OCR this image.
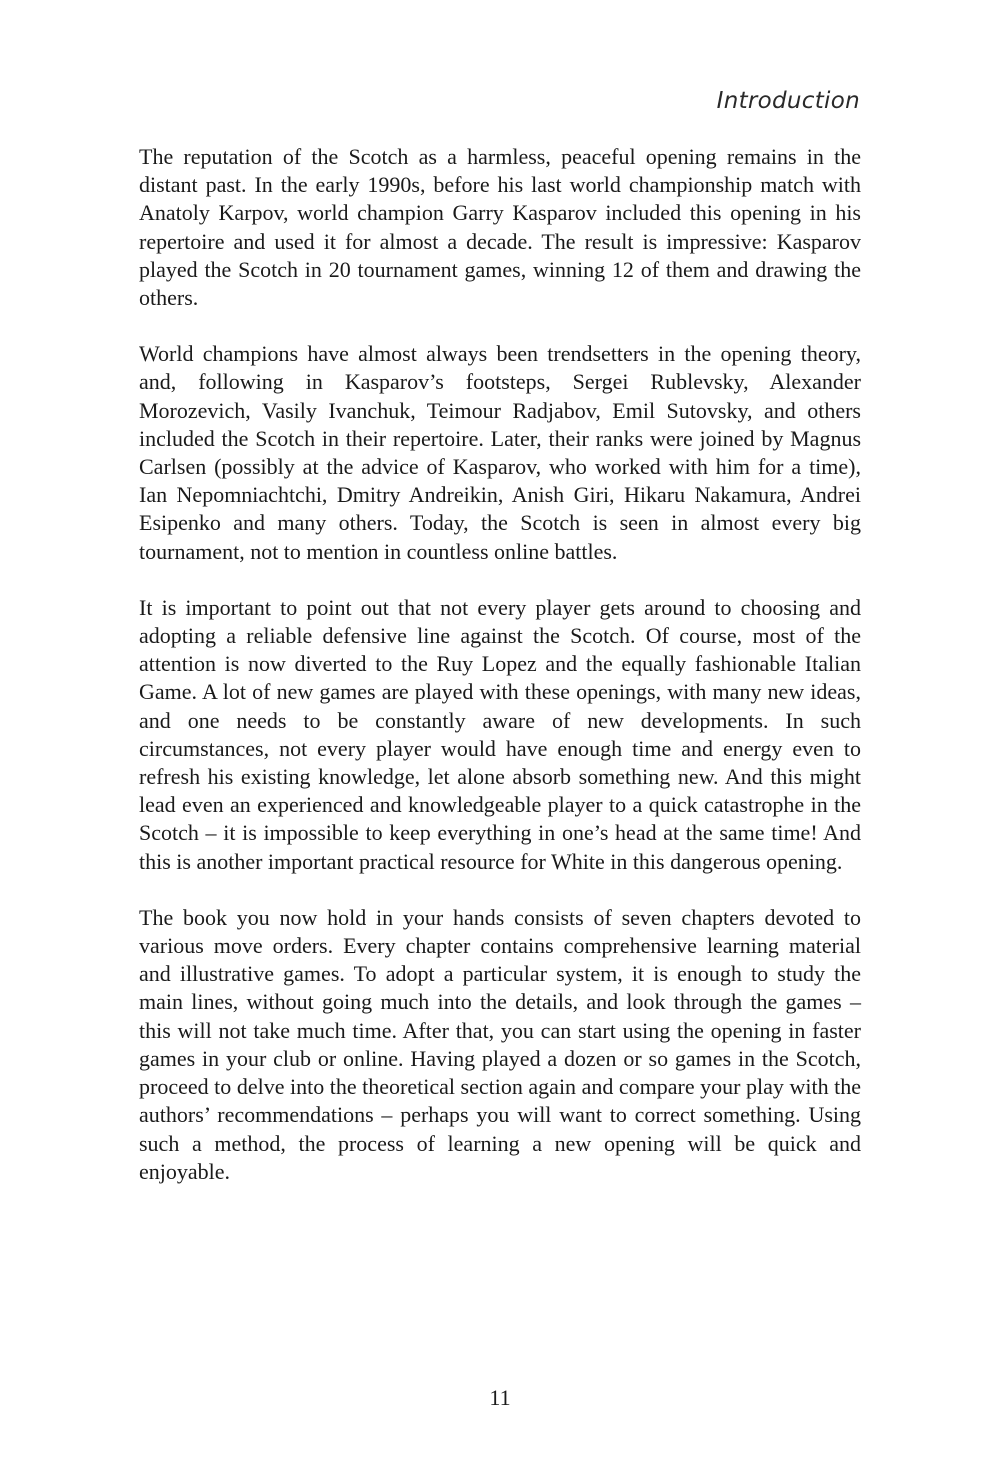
Introduction

The reputation of the Scotch as a harmless, peaceful opening remains in the distant past. In the early 1990s, before his last world championship match with Anatoly Karpov, world champion Garry Kasparov included this opening in his repertoire and used it for almost a decade. The result is impressive: Kasparov played the Scotch in 20 tournament games, winning 12 of them and drawing the others.

World champions have almost always been trendsetters in the opening theory, and, following in Kasparov’s footsteps, Sergei Rublevsky, Alexander Morozevich, Vasily Ivanchuk, Teimour Radjabov, Emil Sutovsky, and others included the Scotch in their repertoire. Later, their ranks were joined by Magnus Carlsen (possibly at the advice of Kasparov, who worked with him for a time), Ian Nepomniachtchi, Dmitry Andreikin, Anish Giri, Hikaru Nakamura, Andrei Esipenko and many others. Today, the Scotch is seen in almost every big tournament, not to mention in countless online battles.

It is important to point out that not every player gets around to choosing and adopting a reliable defensive line against the Scotch. Of course, most of the attention is now diverted to the Ruy Lopez and the equally fashionable Italian Game. A lot of new games are played with these openings, with many new ideas, and one needs to be constantly aware of new developments. In such circumstances, not every player would have enough time and energy even to refresh his existing knowledge, let alone absorb something new. And this might lead even an experienced and knowledgeable player to a quick catastrophe in the Scotch – it is impossible to keep everything in one’s head at the same time! And this is another important practical resource for White in this dangerous opening.

The book you now hold in your hands consists of seven chapters devoted to various move orders. Every chapter contains comprehensive learning material and illustrative games. To adopt a particular system, it is enough to study the main lines, without going much into the details, and look through the games – this will not take much time. After that, you can start using the opening in faster games in your club or online. Having played a dozen or so games in the Scotch, proceed to delve into the theoretical section again and compare your play with the authors’ recommendations – perhaps you will want to correct something. Using such a method, the process of learning a new opening will be quick and enjoyable.

11
